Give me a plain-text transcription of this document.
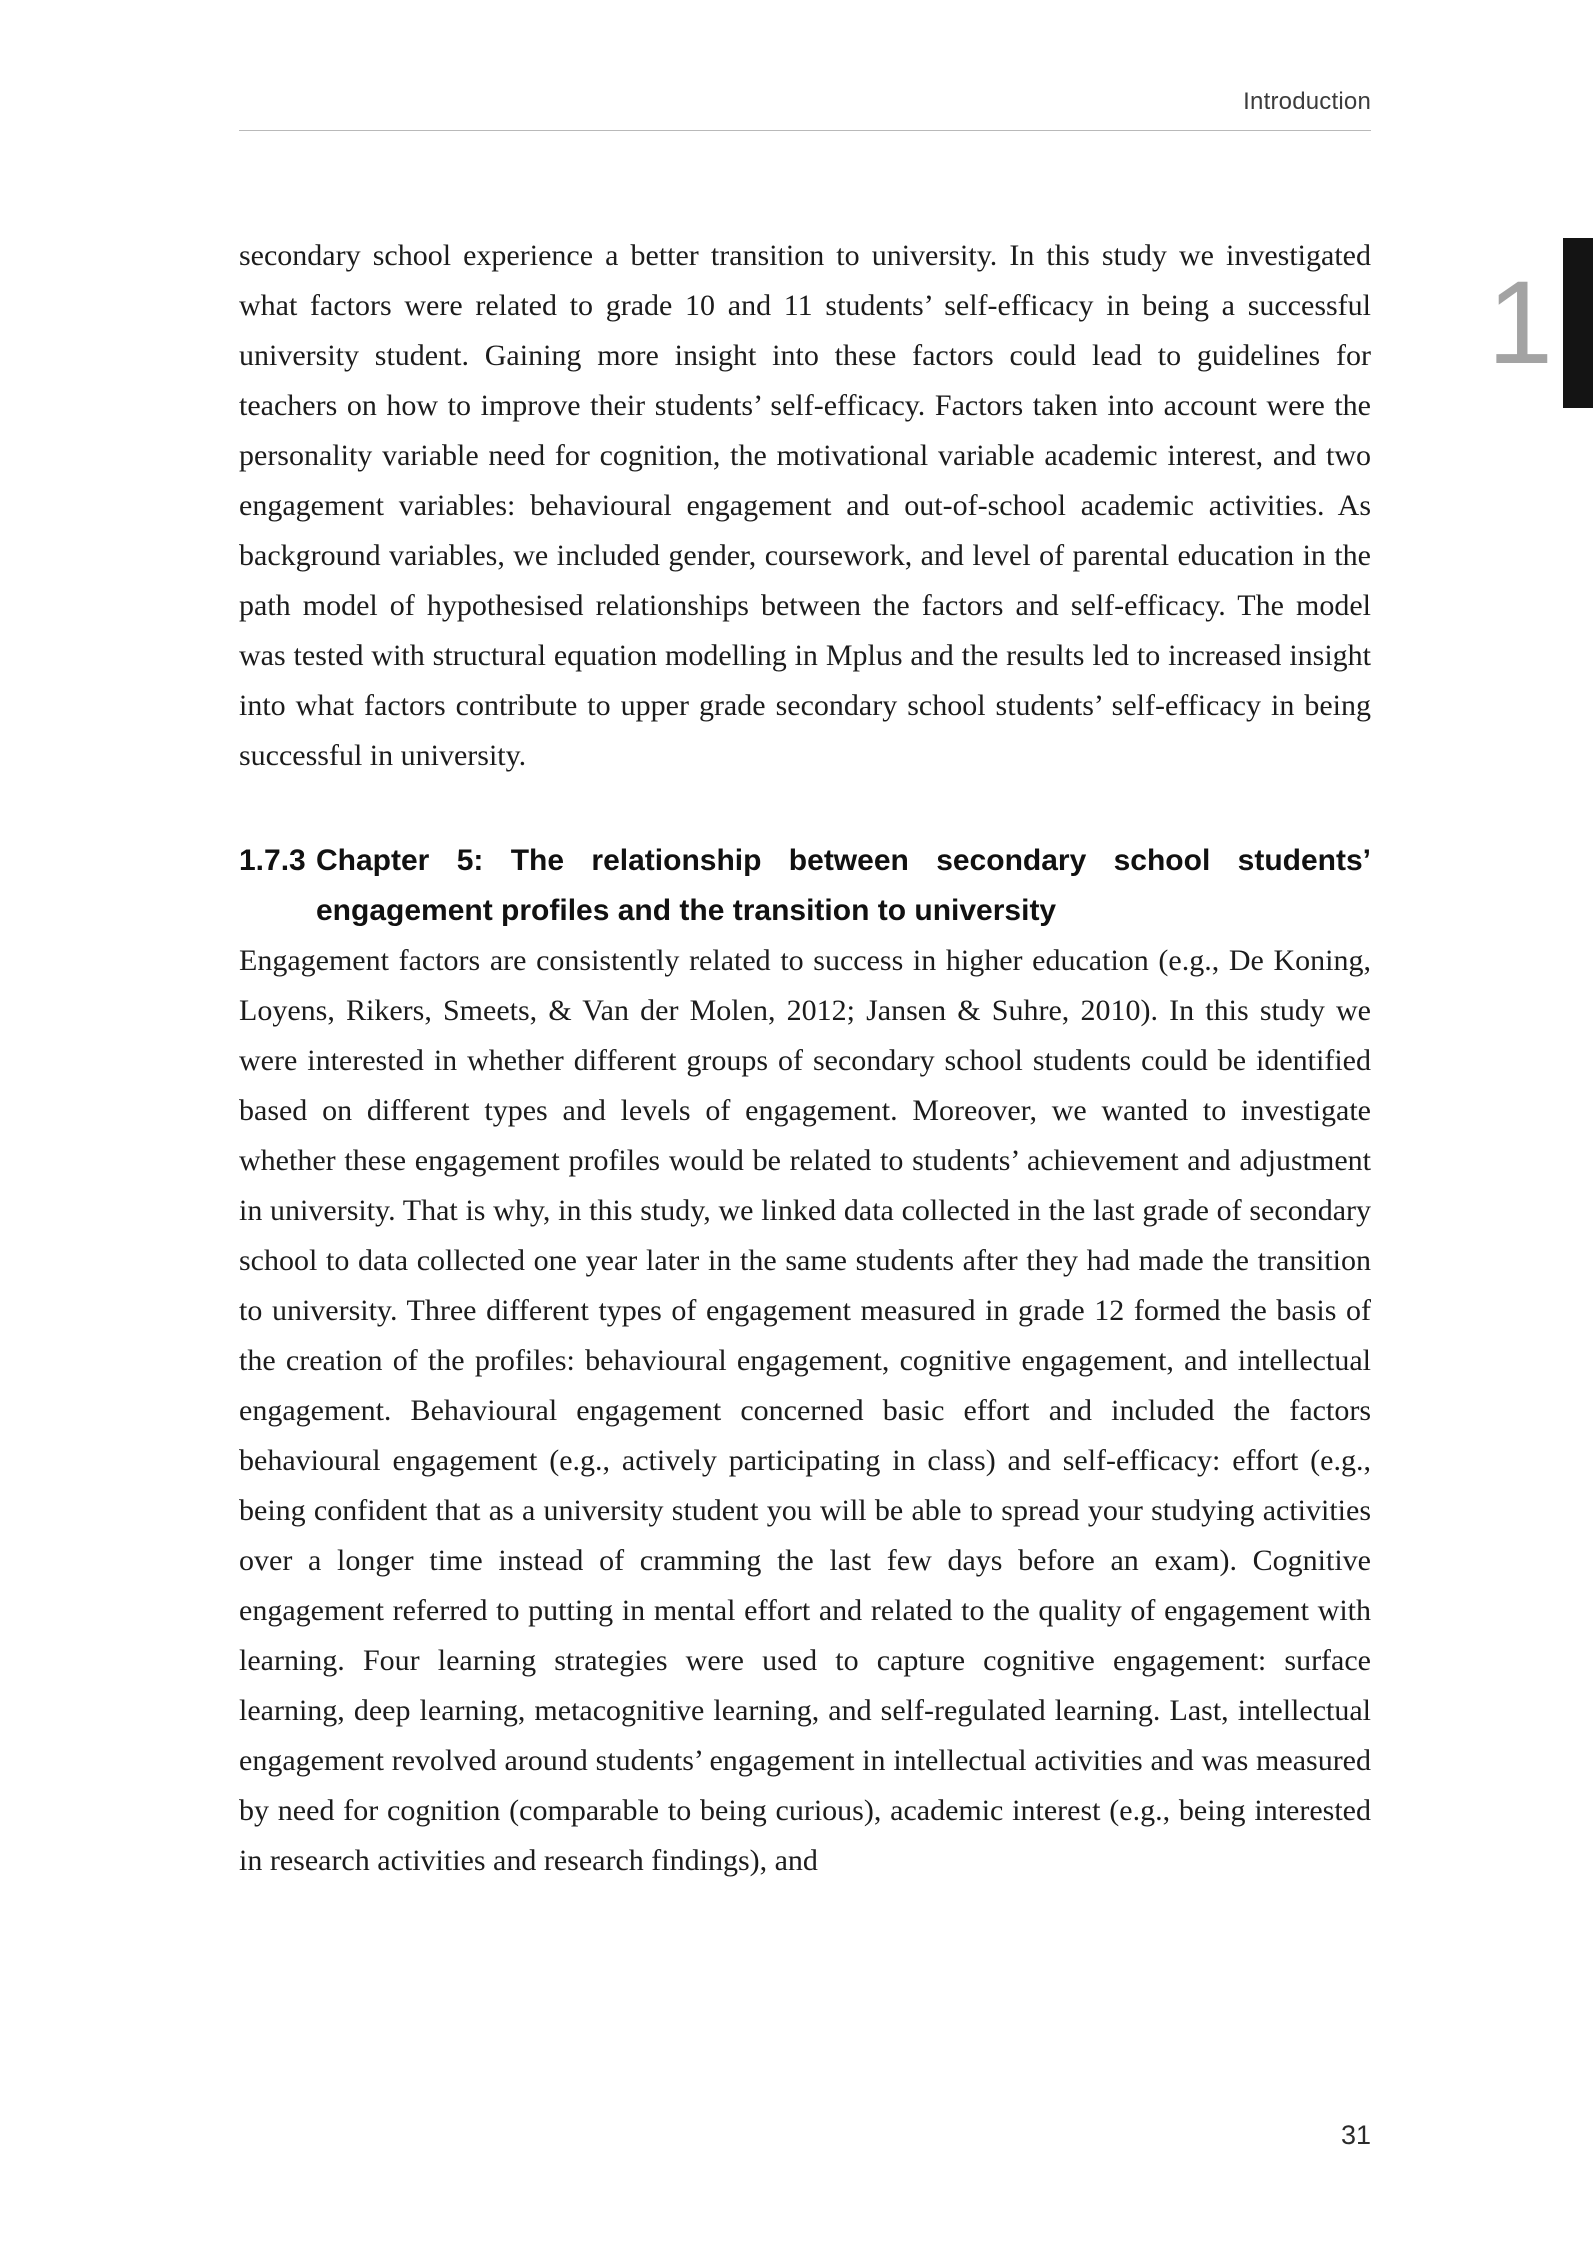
1
Introduction

secondary school experience a better transition to university. In this study we investigated what factors were related to grade 10 and 11 students’ self-efficacy in being a successful university student. Gaining more insight into these factors could lead to guidelines for teachers on how to improve their students’ self-efficacy. Factors taken into account were the personality variable need for cognition, the motivational variable academic interest, and two engagement variables: behavioural engagement and out-of-school academic activities. As background variables, we included gender, coursework, and level of parental education in the path model of hypothesised relationships between the factors and self-efficacy. The model was tested with structural equation modelling in Mplus and the results led to increased insight into what factors contribute to upper grade secondary school students’ self-efficacy in being successful in university.

1.7.3 Chapter 5: The relationship between secondary school students’ engagement profiles and the transition to university

Engagement factors are consistently related to success in higher education (e.g., De Koning, Loyens, Rikers, Smeets, & Van der Molen, 2012; Jansen & Suhre, 2010). In this study we were interested in whether different groups of secondary school students could be identified based on different types and levels of engagement. Moreover, we wanted to investigate whether these engagement profiles would be related to students’ achievement and adjustment in university. That is why, in this study, we linked data collected in the last grade of secondary school to data collected one year later in the same students after they had made the transition to university. Three different types of engagement measured in grade 12 formed the basis of the creation of the profiles: behavioural engagement, cognitive engagement, and intellectual engagement. Behavioural engagement concerned basic effort and included the factors behavioural engagement (e.g., actively participating in class) and self-efficacy: effort (e.g., being confident that as a university student you will be able to spread your studying activities over a longer time instead of cramming the last few days before an exam). Cognitive engagement referred to putting in mental effort and related to the quality of engagement with learning. Four learning strategies were used to capture cognitive engagement: surface learning, deep learning, metacognitive learning, and self-regulated learning. Last, intellectual engagement revolved around students’ engagement in intellectual activities and was measured by need for cognition (comparable to being curious), academic interest (e.g., being interested in research activities and research findings), and

31
